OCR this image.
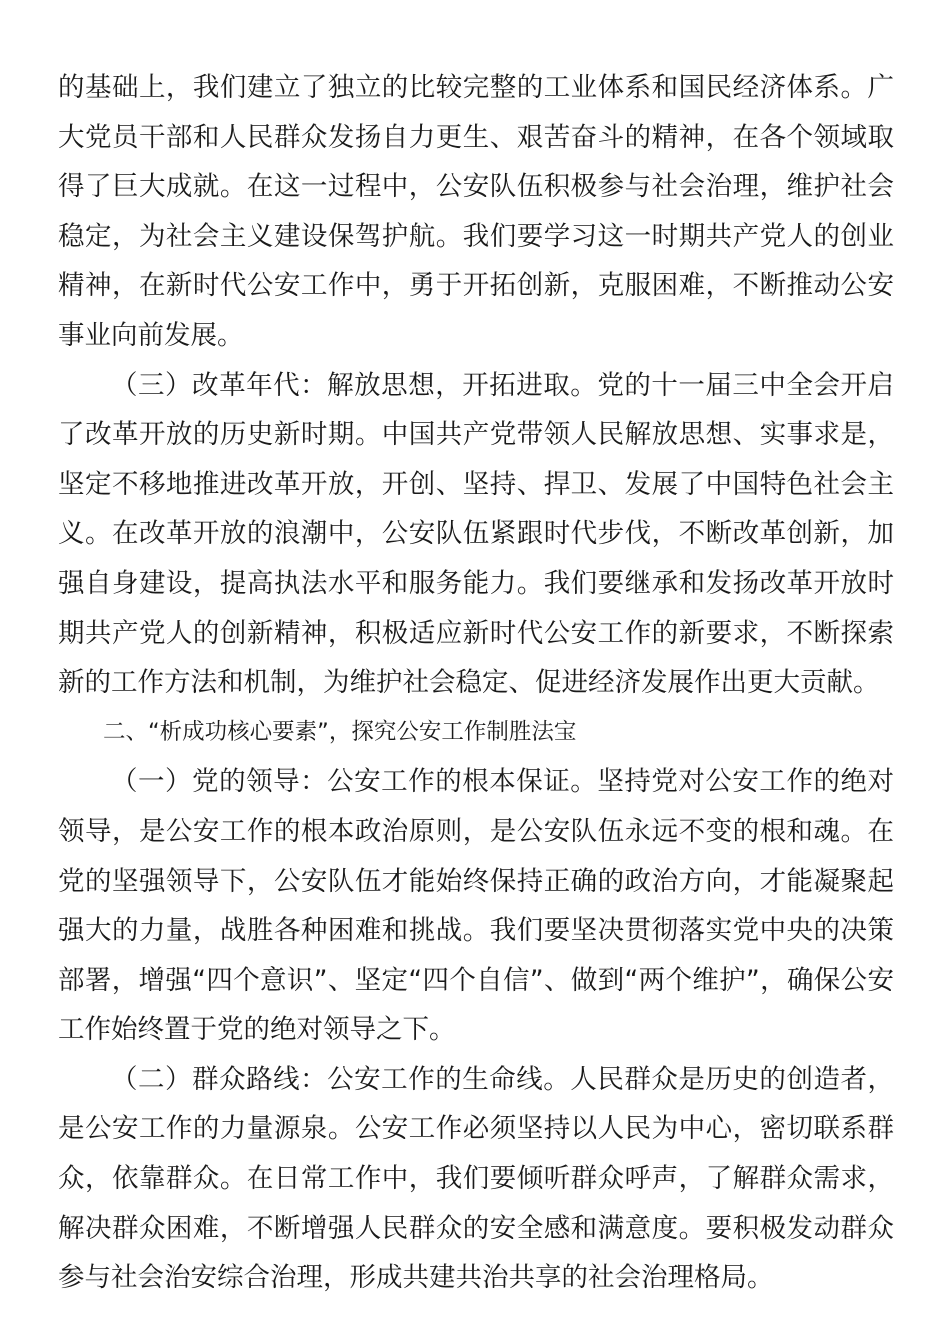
的基础上，我们建立了独立的比较完整的工业体系和国民经济体系。广大党员干部和人民群众发扬自力更生、艰苦奋斗的精神，在各个领域取得了巨大成就。在这一过程中，公安队伍积极参与社会治理，维护社会稳定，为社会主义建设保驾护航。我们要学习这一时期共产党人的创业精神，在新时代公安工作中，勇于开拓创新，克服困难，不断推动公安事业向前发展。

（三）改革年代：解放思想，开拓进取。党的十一届三中全会开启了改革开放的历史新时期。中国共产党带领人民解放思想、实事求是，坚定不移地推进改革开放，开创、坚持、捍卫、发展了中国特色社会主义。在改革开放的浪潮中，公安队伍紧跟时代步伐，不断改革创新，加强自身建设，提高执法水平和服务能力。我们要继承和发扬改革开放时期共产党人的创新精神，积极适应新时代公安工作的新要求，不断探索新的工作方法和机制，为维护社会稳定、促进经济发展作出更大贡献。

二、“析成功核心要素”，探究公安工作制胜法宝

（一）党的领导：公安工作的根本保证。坚持党对公安工作的绝对领导，是公安工作的根本政治原则，是公安队伍永远不变的根和魂。在党的坚强领导下，公安队伍才能始终保持正确的政治方向，才能凝聚起强大的力量，战胜各种困难和挑战。我们要坚决贯彻落实党中央的决策部署，增强“四个意识”、坚定“四个自信”、做到“两个维护”，确保公安工作始终置于党的绝对领导之下。

（二）群众路线：公安工作的生命线。人民群众是历史的创造者，是公安工作的力量源泉。公安工作必须坚持以人民为中心，密切联系群众，依靠群众。在日常工作中，我们要倾听群众呼声，了解群众需求，解决群众困难，不断增强人民群众的安全感和满意度。要积极发动群众参与社会治安综合治理，形成共建共治共享的社会治理格局。
